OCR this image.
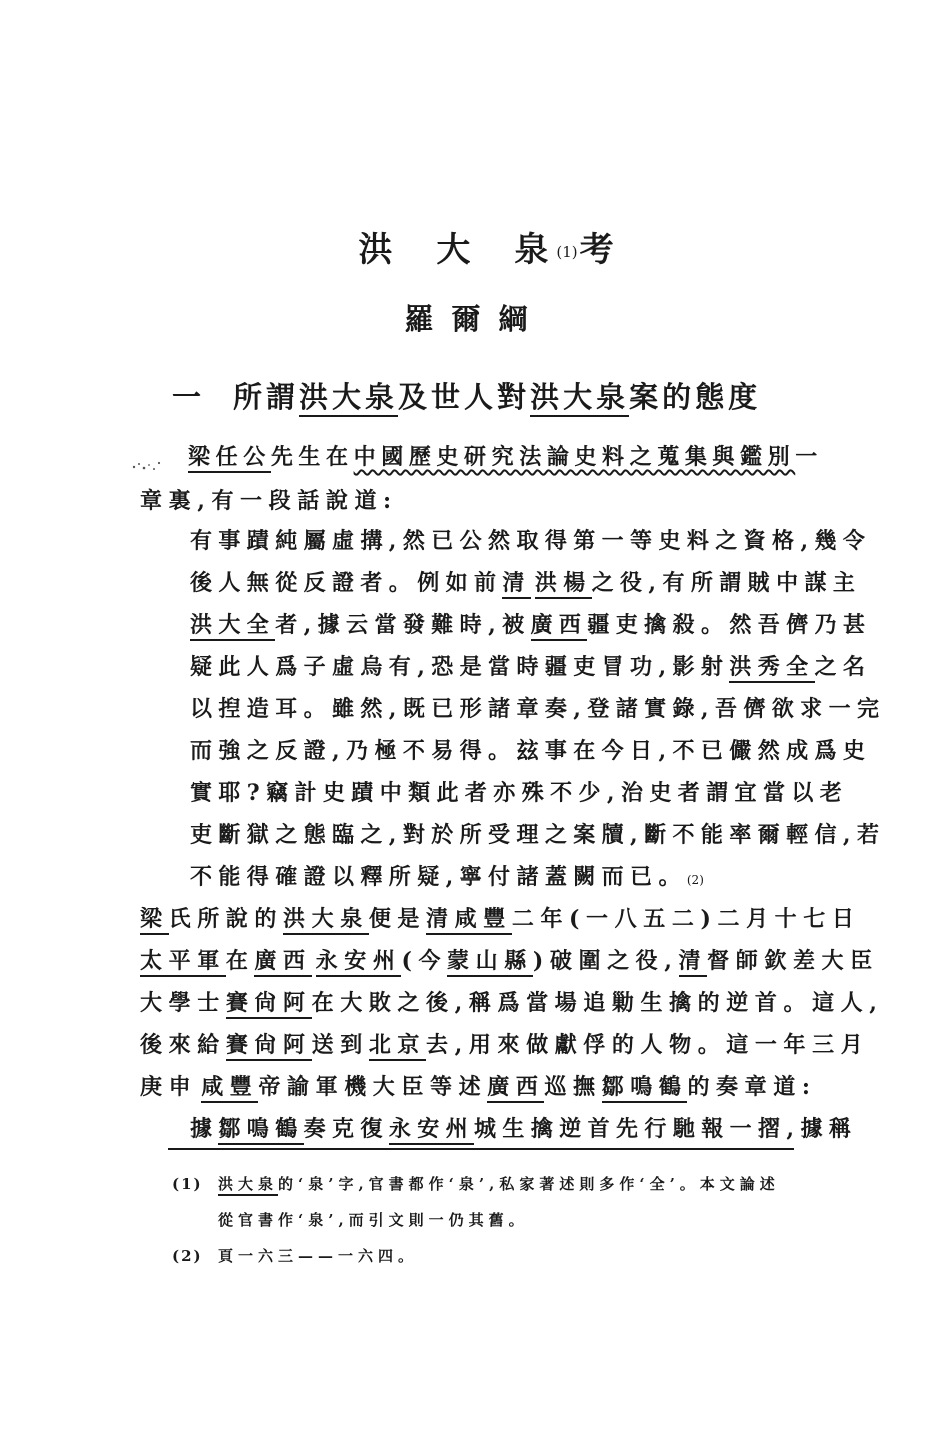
洪 大 泉 (1)考
羅爾綱
一 所謂洪大泉及世人對洪大泉案的態度
梁任公先生在中國歷史研究法論史料之蒐集與鑑別一
章裏,有一段話說道:
有事蹟純屬虛搆,然已公然取得第一等史料之資格,幾令
後人無從反證者。例如前清 洪楊之役,有所謂賊中謀主
洪大全者,據云當發難時,被廣西疆吏擒殺。然吾儕乃甚
疑此人爲子虛烏有,恐是當時疆吏冒功,影射洪秀全之名
以揑造耳。雖然,既已形諸章奏,登諸實錄,吾儕欲求一完
而強之反證,乃極不易得。玆事在今日,不已儼然成爲史
實耶?竊計史蹟中類此者亦殊不少,治史者謂宜當以老
吏斷獄之態臨之,對於所受理之案牘,斷不能率爾輕信,若
不能得確證以釋所疑,寧付諸蓋闕而已。(2)
梁氏所說的洪大泉便是清咸豐二年(一八五二)二月十七日
太平軍在廣西 永安州(今蒙山縣)破圍之役,清督師欽差大臣
大學士賽尙阿在大敗之後,稱爲當場追勦生擒的逆首。這人,
後來給賽尙阿送到北京去,用來做獻俘的人物。這一年三月
庚申 咸豐帝諭軍機大臣等述廣西巡撫鄒鳴鶴的奏章道:
據鄒鳴鶴奏克復永安州城生擒逆首先行馳報一摺,據稱
(1) 洪大泉的‘泉’字,官書都作‘泉’,私家著述則多作‘全’。本文論述
從官書作‘泉’,而引文則一仍其舊。
(2) 頁一六三——一六四。
